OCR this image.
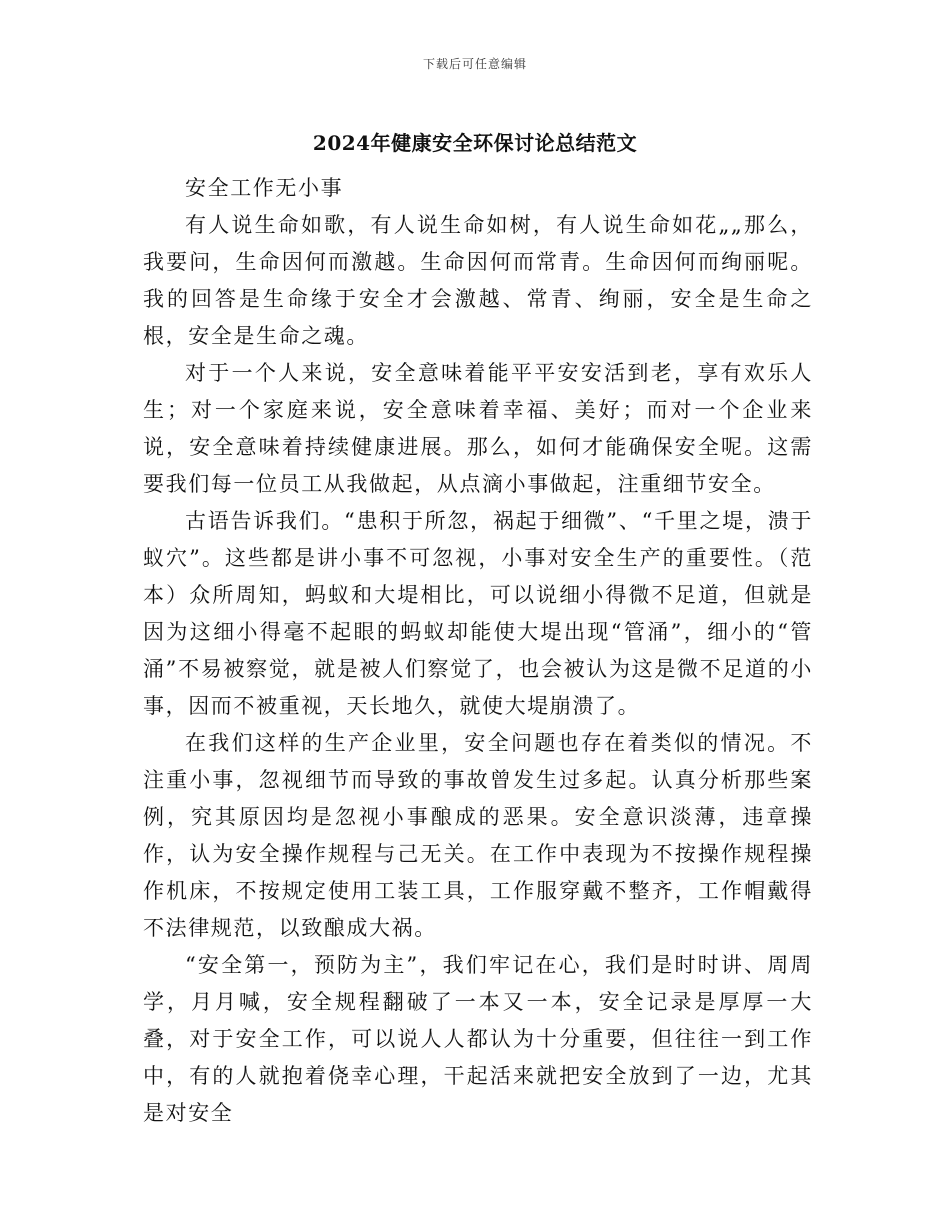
下载后可任意编辑
2024年健康安全环保讨论总结范文

安全工作无小事

有人说生命如歌，有人说生命如树，有人说生命如花„„那么，我要问，生命因何而激越。生命因何而常青。生命因何而绚丽呢。我的回答是生命缘于安全才会激越、常青、绚丽，安全是生命之根，安全是生命之魂。

对于一个人来说，安全意味着能平平安安活到老，享有欢乐人生；对一个家庭来说，安全意味着幸福、美好；而对一个企业来说，安全意味着持续健康进展。那么，如何才能确保安全呢。这需要我们每一位员工从我做起，从点滴小事做起，注重细节安全。

古语告诉我们。“患积于所忽，祸起于细微”、“千里之堤，溃于蚁穴”。这些都是讲小事不可忽视，小事对安全生产的重要性。（范本）众所周知，蚂蚁和大堤相比，可以说细小得微不足道，但就是因为这细小得毫不起眼的蚂蚁却能使大堤出现“管涌”，细小的“管涌”不易被察觉，就是被人们察觉了，也会被认为这是微不足道的小事，因而不被重视，天长地久，就使大堤崩溃了。

在我们这样的生产企业里，安全问题也存在着类似的情况。不注重小事，忽视细节而导致的事故曾发生过多起。认真分析那些案例，究其原因均是忽视小事酿成的恶果。安全意识淡薄，违章操作，认为安全操作规程与己无关。在工作中表现为不按操作规程操作机床，不按规定使用工装工具，工作服穿戴不整齐，工作帽戴得不法律规范，以致酿成大祸。

“安全第一，预防为主”，我们牢记在心，我们是时时讲、周周学，月月喊，安全规程翻破了一本又一本，安全记录是厚厚一大叠，对于安全工作，可以说人人都认为十分重要，但往往一到工作中，有的人就抱着侥幸心理，干起活来就把安全放到了一边，尤其是对安全
